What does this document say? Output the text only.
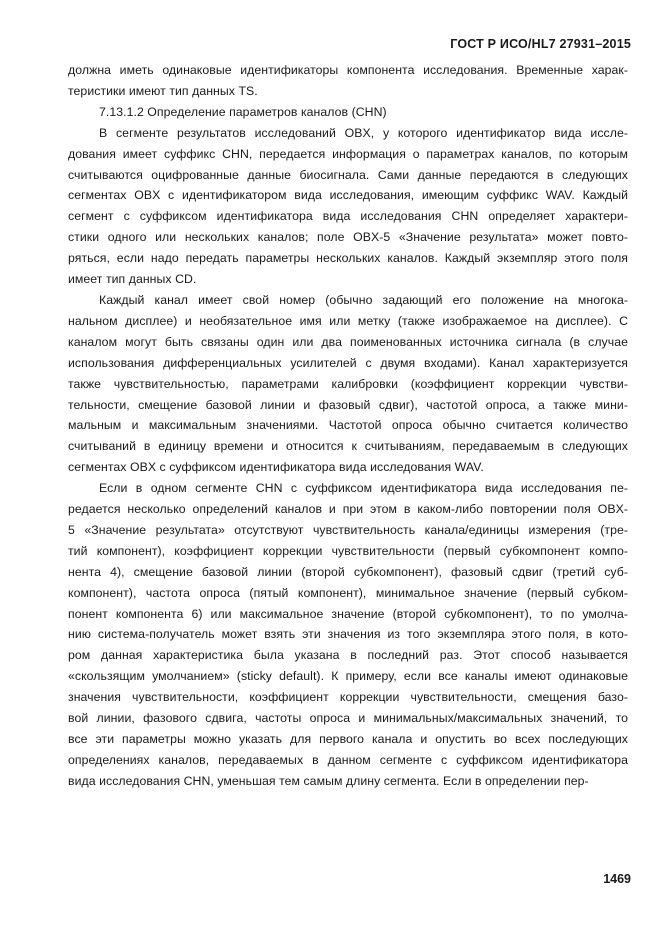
ГОСТ Р ИСО/HL7 27931–2015

должна иметь одинаковые идентификаторы компонента исследования. Временные харак-

теристики имеют тип данных TS.

7.13.1.2 Определение параметров каналов (CHN)

В сегменте результатов исследований OBX, у которого идентификатор вида иссле-

дования имеет суффикс CHN, передается информация о параметрах каналов, по которым

считываются оцифрованные данные биосигнала. Сами данные передаются в следующих

сегментах OBX с идентификатором вида исследования, имеющим суффикс WAV. Каждый

сегмент с суффиксом идентификатора вида исследования CHN определяет характери-

стики одного или нескольких каналов; поле OBX-5 «Значение результата» может повто-

ряться, если надо передать параметры нескольких каналов. Каждый экземпляр этого поля

имеет тип данных CD.

Каждый канал имеет свой номер (обычно задающий его положение на многока-

нальном дисплее) и необязательное имя или метку (также изображаемое на дисплее). С

каналом могут быть связаны один или два поименованных источника сигнала (в случае

использования дифференциальных усилителей с двумя входами). Канал характеризуется

также чувствительностью, параметрами калибровки (коэффициент коррекции чувстви-

тельности, смещение базовой линии и фазовый сдвиг), частотой опроса, а также мини-

мальным и максимальным значениями. Частотой опроса обычно считается количество

считываний в единицу времени и относится к считываниям, передаваемым в следующих

сегментах OBX с суффиксом идентификатора вида исследования WAV.

Если в одном сегменте CHN с суффиксом идентификатора вида исследования пе-

редается несколько определений каналов и при этом в каком-либо повторении поля OBX-

5 «Значение результата» отсутствуют чувствительность канала/единицы измерения (тре-

тий компонент), коэффициент коррекции чувствительности (первый субкомпонент компо-

нента 4), смещение базовой линии (второй субкомпонент), фазовый сдвиг (третий суб-

компонент), частота опроса (пятый компонент), минимальное значение (первый субком-

понент компонента 6) или максимальное значение (второй субкомпонент), то по умолча-

нию система-получатель может взять эти значения из того экземпляра этого поля, в кото-

ром данная характеристика была указана в последний раз. Этот способ называется

«скользящим умолчанием» (sticky default). К примеру, если все каналы имеют одинаковые

значения чувствительности, коэффициент коррекции чувствительности, смещения базо-

вой линии, фазового сдвига, частоты опроса и минимальных/максимальных значений, то

все эти параметры можно указать для первого канала и опустить во всех последующих

определениях каналов, передаваемых в данном сегменте с суффиксом идентификатора

вида исследования CHN, уменьшая тем самым длину сегмента. Если в определении пер-

1469
